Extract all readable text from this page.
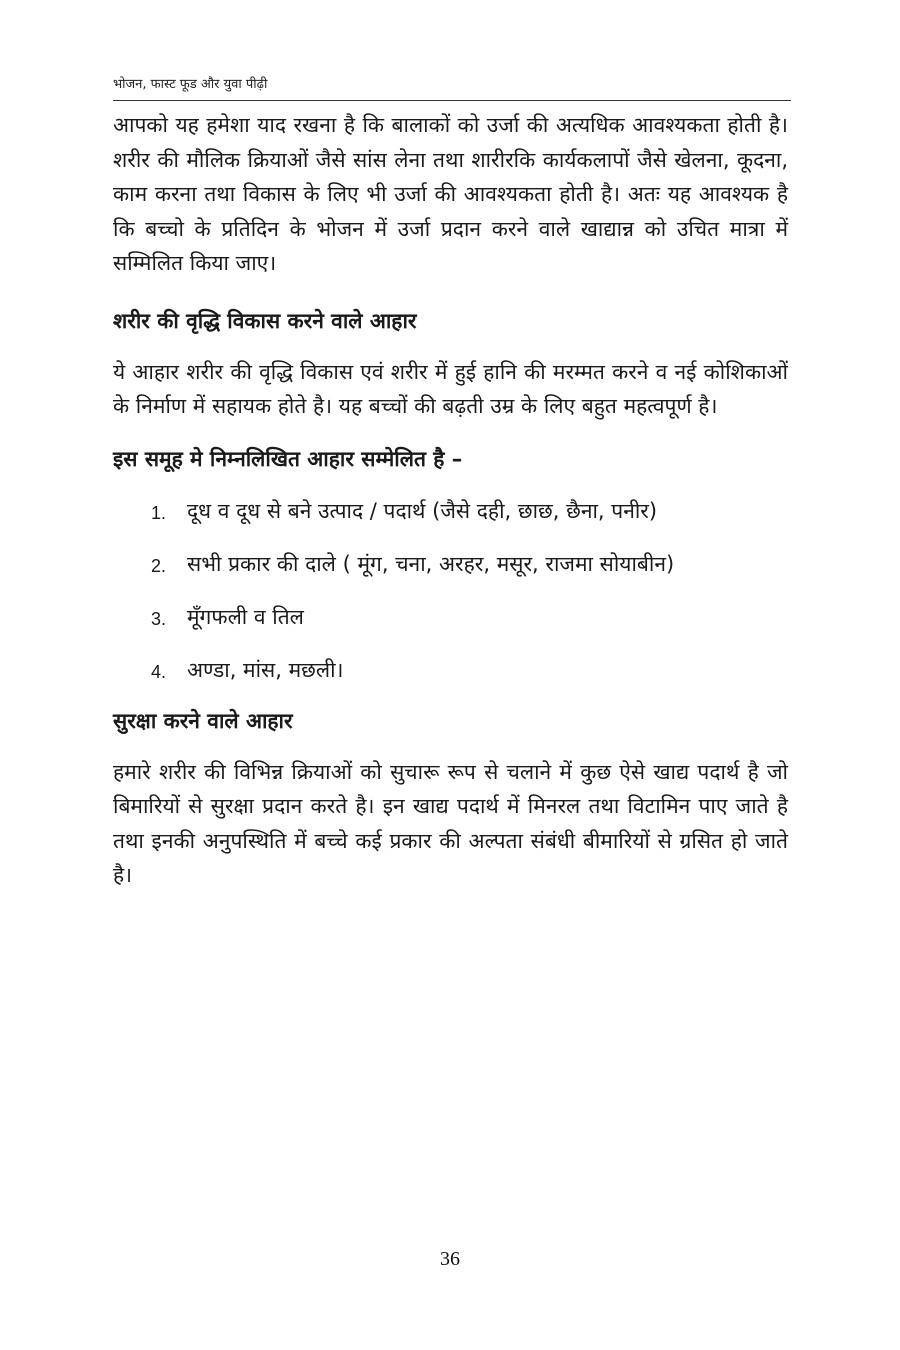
भोजन, फास्ट फूड और युवा पीढ़ी

आपको यह हमेशा याद रखना है कि बालाकों को उर्जा की अत्यधिक आवश्यकता होती है। शरीर की मौलिक क्रियाओं जैसे सांस लेना तथा शारीरकि कार्यकलापों जैसे खेलना, कूदना, काम करना तथा विकास के लिए भी उर्जा की आवश्यकता होती है। अतः यह आवश्यक है कि बच्चो के प्रतिदिन के भोजन में उर्जा प्रदान करने वाले खाद्यान्न को उचित मात्रा में सम्मिलित किया जाए।

शरीर की वृद्धि विकास करने वाले आहार

ये आहार शरीर की वृद्धि विकास एवं शरीर में हुई हानि की मरम्मत करने व नई कोशिकाओं के निर्माण में सहायक होते है। यह बच्चों की बढ़ती उम्र के लिए बहुत महत्वपूर्ण है।

इस समूह मे निम्नलिखित आहार सम्मेलित है –
1. दूध व दूध से बने उत्पाद / पदार्थ (जैसे दही, छाछ, छैना, पनीर)
2. सभी प्रकार की दाले ( मूंग, चना, अरहर, मसूर, राजमा सोयाबीन)
3. मूँगफली व तिल
4. अण्डा, मांस, मछली।
सुरक्षा करने वाले आहार

हमारे शरीर की विभिन्न क्रियाओं को सुचारू रूप से चलाने में कुछ ऐसे खाद्य पदार्थ है जो बिमारियों से सुरक्षा प्रदान करते है। इन खाद्य पदार्थ में मिनरल तथा विटामिन पाए जाते है तथा इनकी अनुपस्थिति में बच्चे कई प्रकार की अल्पता संबंधी बीमारियों से ग्रसित हो जाते है।

36
